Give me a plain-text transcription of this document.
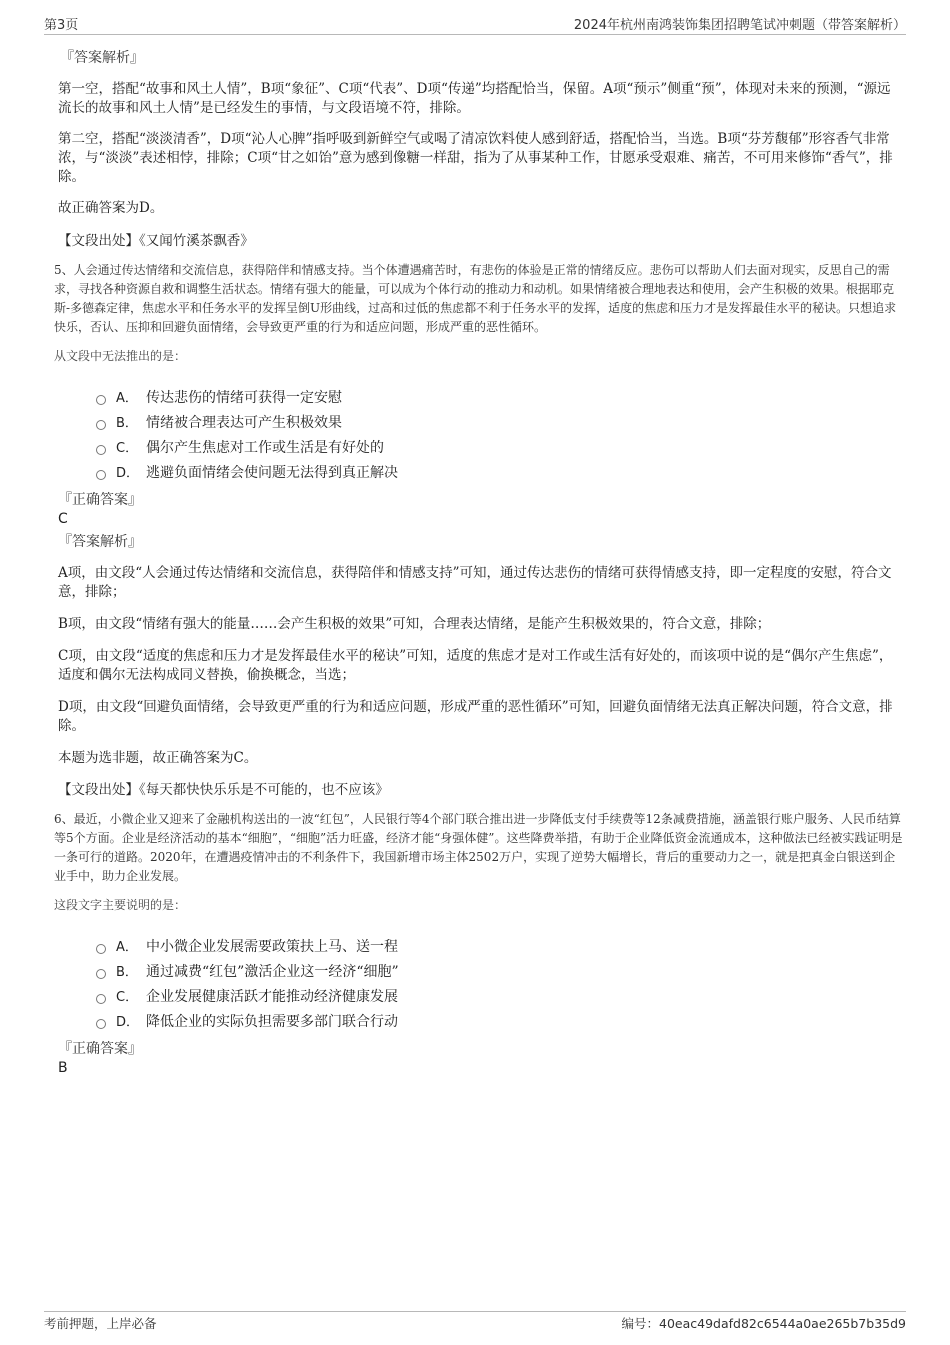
第3页	2024年杭州南鸿装饰集团招聘笔试冲刺题（带答案解析）
『答案解析』

第一空，搭配“故事和风土人情”，B项“象征”、C项“代表”、D项“传递”均搭配恰当，保留。A项“预示”侧重“预”，体现对未来的预测，“源远流长的故事和风土人情”是已经发生的事情，与文段语境不符，排除。

第二空，搭配“淡淡清香”，D项“沁人心脾”指呼吸到新鲜空气或喝了清凉饮料使人感到舒适，搭配恰当，当选。B项“芬芳馥郁”形容香气非常浓，与“淡淡”表述相悖，排除；C项“甘之如饴”意为感到像糖一样甜，指为了从事某种工作，甘愿承受艰难、痛苦，不可用来修饰“香气”，排除。

故正确答案为D。

【文段出处】《又闻竹溪茶飘香》

5、人会通过传达情绪和交流信息，获得陪伴和情感支持。当个体遭遇痛苦时，有悲伤的体验是正常的情绪反应。悲伤可以帮助人们去面对现实，反思自己的需求，寻找各种资源自救和调整生活状态。情绪有强大的能量，可以成为个体行动的推动力和动机。如果情绪被合理地表达和使用，会产生积极的效果。根据耶克斯-多德森定律，焦虑水平和任务水平的发挥呈倒U形曲线，过高和过低的焦虑都不利于任务水平的发挥，适度的焦虑和压力才是发挥最佳水平的秘诀。只想追求快乐，否认、压抑和回避负面情绪，会导致更严重的行为和适应问题，形成严重的恶性循环。

从文段中无法推出的是：

A． 传达悲伤的情绪可获得一定安慰
B． 情绪被合理表达可产生积极效果
C． 偶尔产生焦虑对工作或生活是有好处的
D． 逃避负面情绪会使问题无法得到真正解决
『正确答案』
C
『答案解析』

A项，由文段“人会通过传达情绪和交流信息，获得陪伴和情感支持”可知，通过传达悲伤的情绪可获得情感支持，即一定程度的安慰，符合文意，排除；

B项，由文段“情绪有强大的能量……会产生积极的效果”可知，合理表达情绪，是能产生积极效果的，符合文意，排除；

C项，由文段“适度的焦虑和压力才是发挥最佳水平的秘诀”可知，适度的焦虑才是对工作或生活有好处的，而该项中说的是“偶尔产生焦虑”，适度和偶尔无法构成同义替换，偷换概念，当选；

D项，由文段“回避负面情绪，会导致更严重的行为和适应问题，形成严重的恶性循环”可知，回避负面情绪无法真正解决问题，符合文意，排除。

本题为选非题，故正确答案为C。

【文段出处】《每天都快快乐乐是不可能的，也不应该》

6、最近，小微企业又迎来了金融机构送出的一波“红包”，人民银行等4个部门联合推出进一步降低支付手续费等12条减费措施，涵盖银行账户服务、人民币结算等5个方面。企业是经济活动的基本“细胞”，“细胞”活力旺盛，经济才能“身强体健”。这些降费举措，有助于企业降低资金流通成本，这种做法已经被实践证明是一条可行的道路。2020年，在遭遇疫情冲击的不利条件下，我国新增市场主体2502万户，实现了逆势大幅增长，背后的重要动力之一，就是把真金白银送到企业手中，助力企业发展。

这段文字主要说明的是：

A． 中小微企业发展需要政策扶上马、送一程
B． 通过减费“红包”激活企业这一经济“细胞”
C． 企业发展健康活跃才能推动经济健康发展
D． 降低企业的实际负担需要多部门联合行动
『正确答案』
B
考前押题，上岸必备	编号：40eac49dafd82c6544a0ae265b7b35d9
